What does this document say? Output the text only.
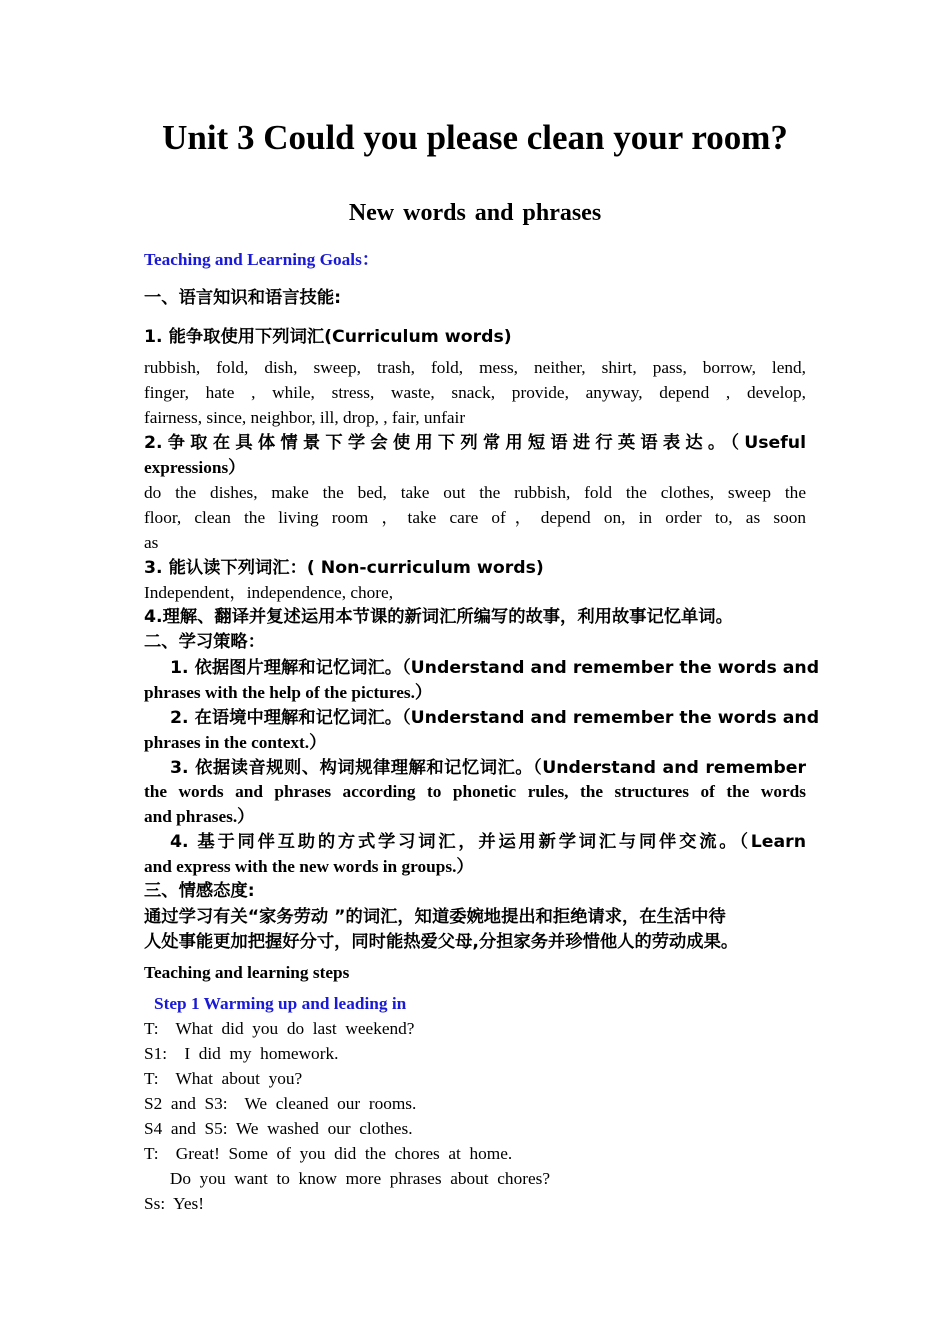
Unit 3 Could you please clean your room?
New words and phrases
Teaching and Learning Goals：
一、语言知识和语言技能:
1. 能争取使用下列词汇(Curriculum words)
rubbish, fold, dish, sweep, trash, fold, mess, neither, shirt, pass, borrow, lend,
finger, hate , while, stress, waste, snack, provide, anyway, depend , develop,
fairness, since, neighbor, ill, drop, , fair, unfair
2.争取在具体情景下学会使用下列常用短语进行英语表达。（Useful
expressions）
do the dishes, make the bed, take out the rubbish, fold the clothes, sweep the
floor, clean the living room ，take care of，depend on, in order to, as soon
as
3. 能认读下列词汇：( Non-curriculum words)
Independent，independence, chore,
4.理解、翻译并复述运用本节课的新词汇所编写的故事，利用故事记忆单词。
二、学习策略：
1. 依据图片理解和记忆词汇。（Understand and remember the words and
phrases with the help of the pictures.）
2. 在语境中理解和记忆词汇。（Understand and remember the words and
phrases in the context.）
3. 依据读音规则、构词规律理解和记忆词汇。（Understand and remember
the words and phrases according to phonetic rules, the structures of the words
and phrases.）
4. 基于同伴互助的方式学习词汇，并运用新学词汇与同伴交流。（Learn
and express with the new words in groups.）
三、情感态度:
通过学习有关“家务劳动 ”的词汇，知道委婉地提出和拒绝请求，在生活中待
人处事能更加把握好分寸，同时能热爱父母,分担家务并珍惜他人的劳动成果。
Teaching and learning steps
Step 1 Warming up and leading in
T:    What  did  you  do  last  weekend?
S1:    I  did  my  homework.
T:    What  about  you?
S2  and  S3:    We  cleaned  our  rooms.
S4  and  S5:  We  washed  our  clothes.
T:    Great!  Some  of  you  did  the  chores  at  home.
Do  you  want  to  know  more  phrases  about  chores?
Ss:  Yes!
